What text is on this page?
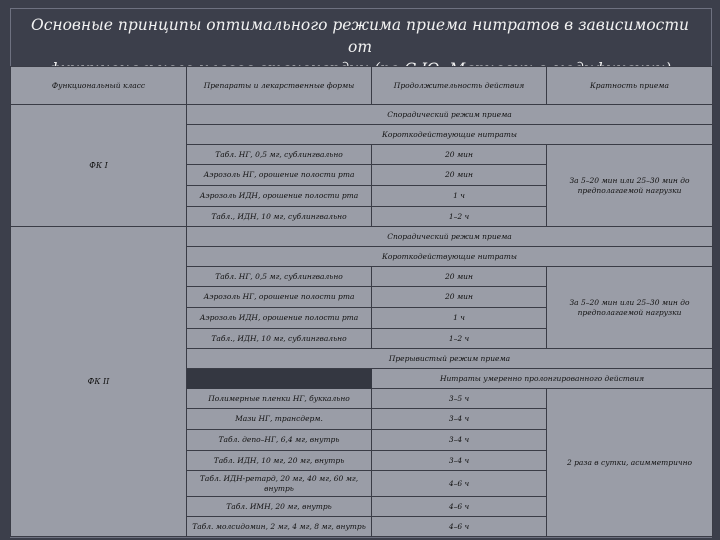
Основные принципы оптимального режима приема нитратов в зависимости от
Функциональный класс	Препараты и лекарственные формы	Продолжительность действия	Кратность приема
ФК I	Спорадический режим приема		
	Короткодействующие нитраты		
	Табл. НГ, 0,5 мг, сублингвально	20 мин	За 5–20 мин или 25–30 мин до предполагаемой нагрузки
	Аэрозоль НГ, орошение полости рта	20 мин	
	Аэрозоль ИДН, орошение полости рта	1 ч	
	Табл., ИДН, 10 мг, сублингвально	1–2 ч	
ФК II	Спорадический режим приема		
	Короткодействующие нитраты		
	Табл. НГ, 0,5 мг, сублингвально	20 мин	За 5–20 мин или 25–30 мин до предполагаемой нагрузки
	Аэрозоль НГ, орошение полости рта	20 мин	
	Аэрозоль ИДН, орошение полости рта	1 ч	
	Табл., ИДН, 10 мг, сублингвально	1–2 ч	
	Прерывистый режим приема		
		Нитраты умеренно пролонгированного действия	
	Полимерные пленки НГ, буккально	3–5 ч	2 раза в сутки, асимметрично
	Мази НГ, трансдерм.	3–4 ч	
	Табл. депо–НГ, 6,4 мг, внутрь	3–4 ч	
	Табл. ИДН, 10 мг, 20 мг, внутрь	3–4 ч	
	Табл. ИДН-ретард, 20 мг, 40 мг, 60 мг, внутрь	4–6 ч	
	Табл. ИМН, 20 мг, внутрь	4–6 ч	
	Табл. молсидомин, 2 мг, 4 мг, 8 мг, внутрь	4–6 ч	
